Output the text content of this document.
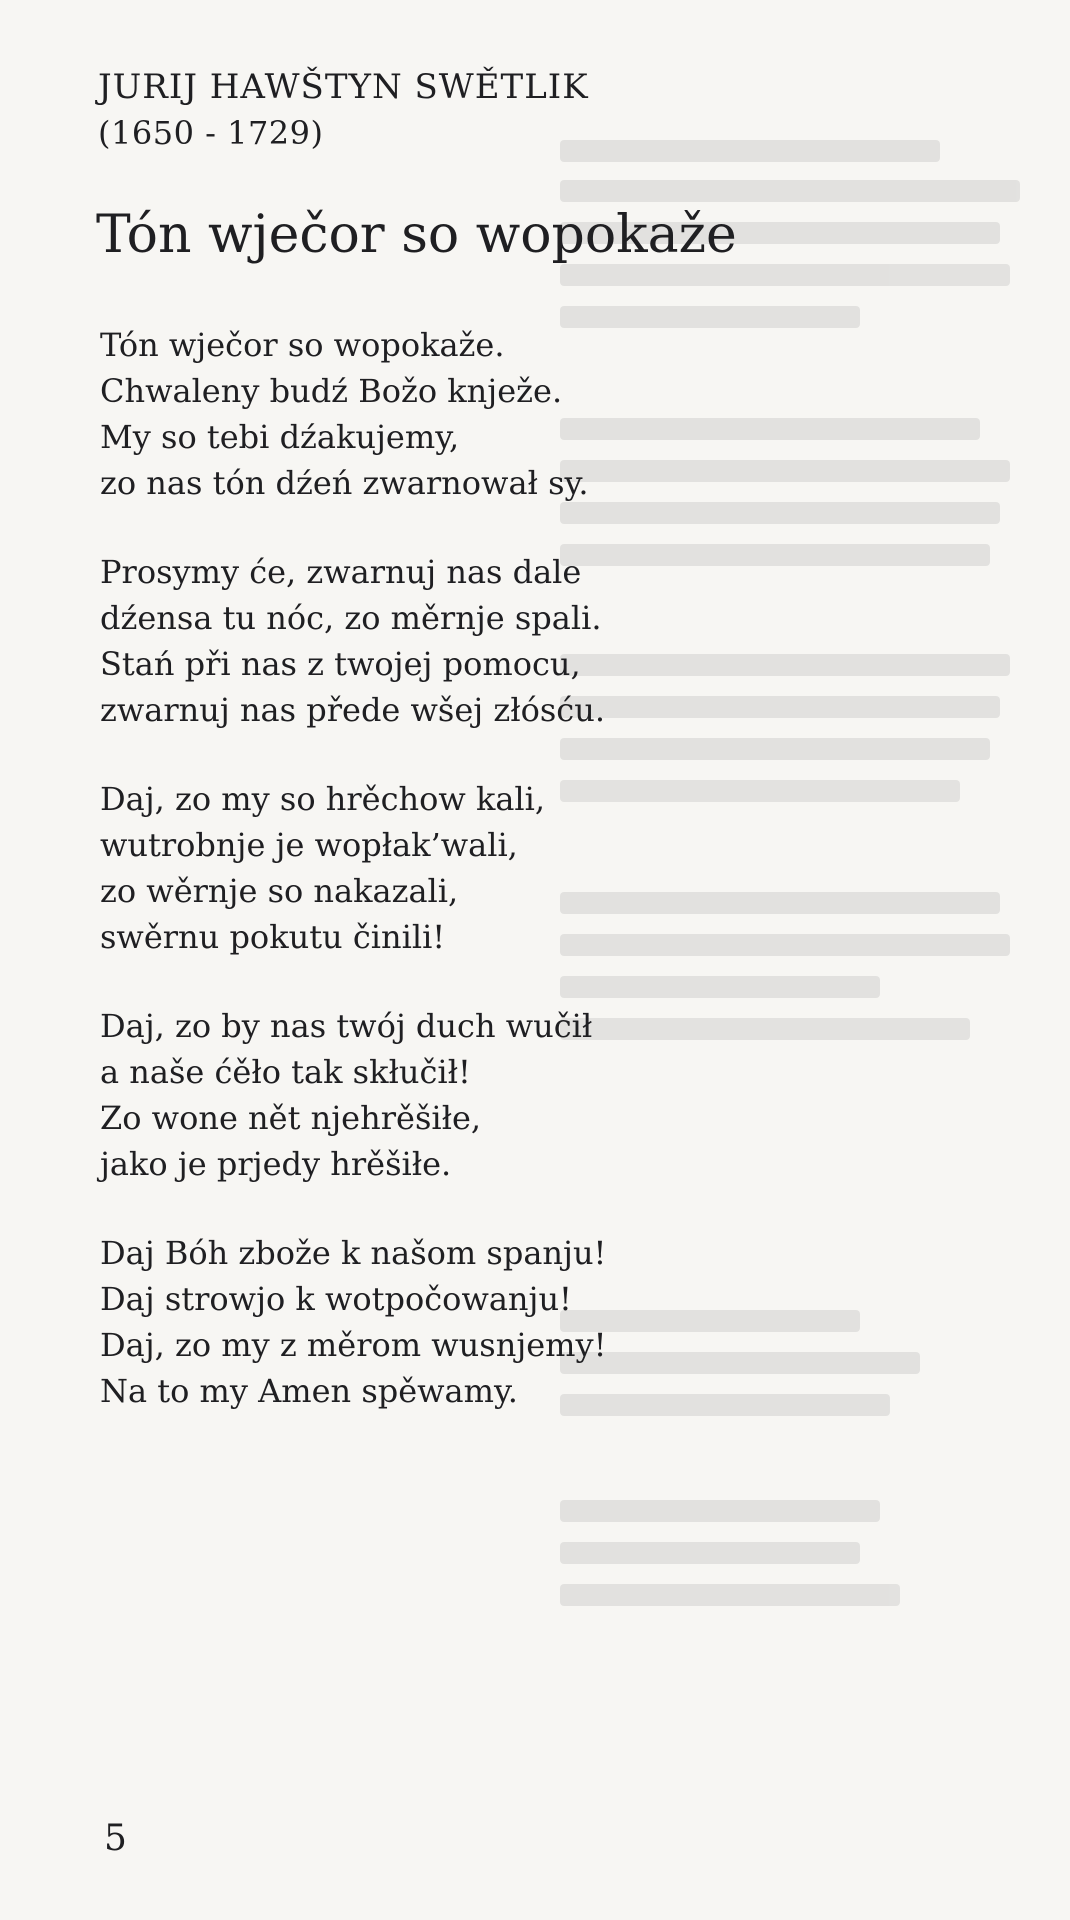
JURIJ HAWŠTYN SWĚTLIK
(1650 - 1729)
Tón wječor so wopokaže
Tón wječor so wopokaže.
Chwaleny budź Božo knježe.
My so tebi dźakujemy,
zo nas tón dźeń zwarnował sy.
Prosymy će, zwarnuj nas dale
dźensa tu nóc, zo měrnje spali.
Stań při nas z twojej pomocu,
zwarnuj nas předе wšej złósću.
Daj, zo my so hrěchow kali,
wutrobnje je wopłak’wali,
zo wěrnje so nakazali,
swěrnu pokutu činili!
Daj, zo by nas twój duch wučił
a naše ćěło tak skłučił!
Zo wone nět njehrěšiłe,
jako je prjedy hrěšiłe.
Daj Bóh zbože k našom spanju!
Daj strowjo k wotpočowanju!
Daj, zo my z měrom wusnjemy!
Na to my Amen spěwamy.
5
